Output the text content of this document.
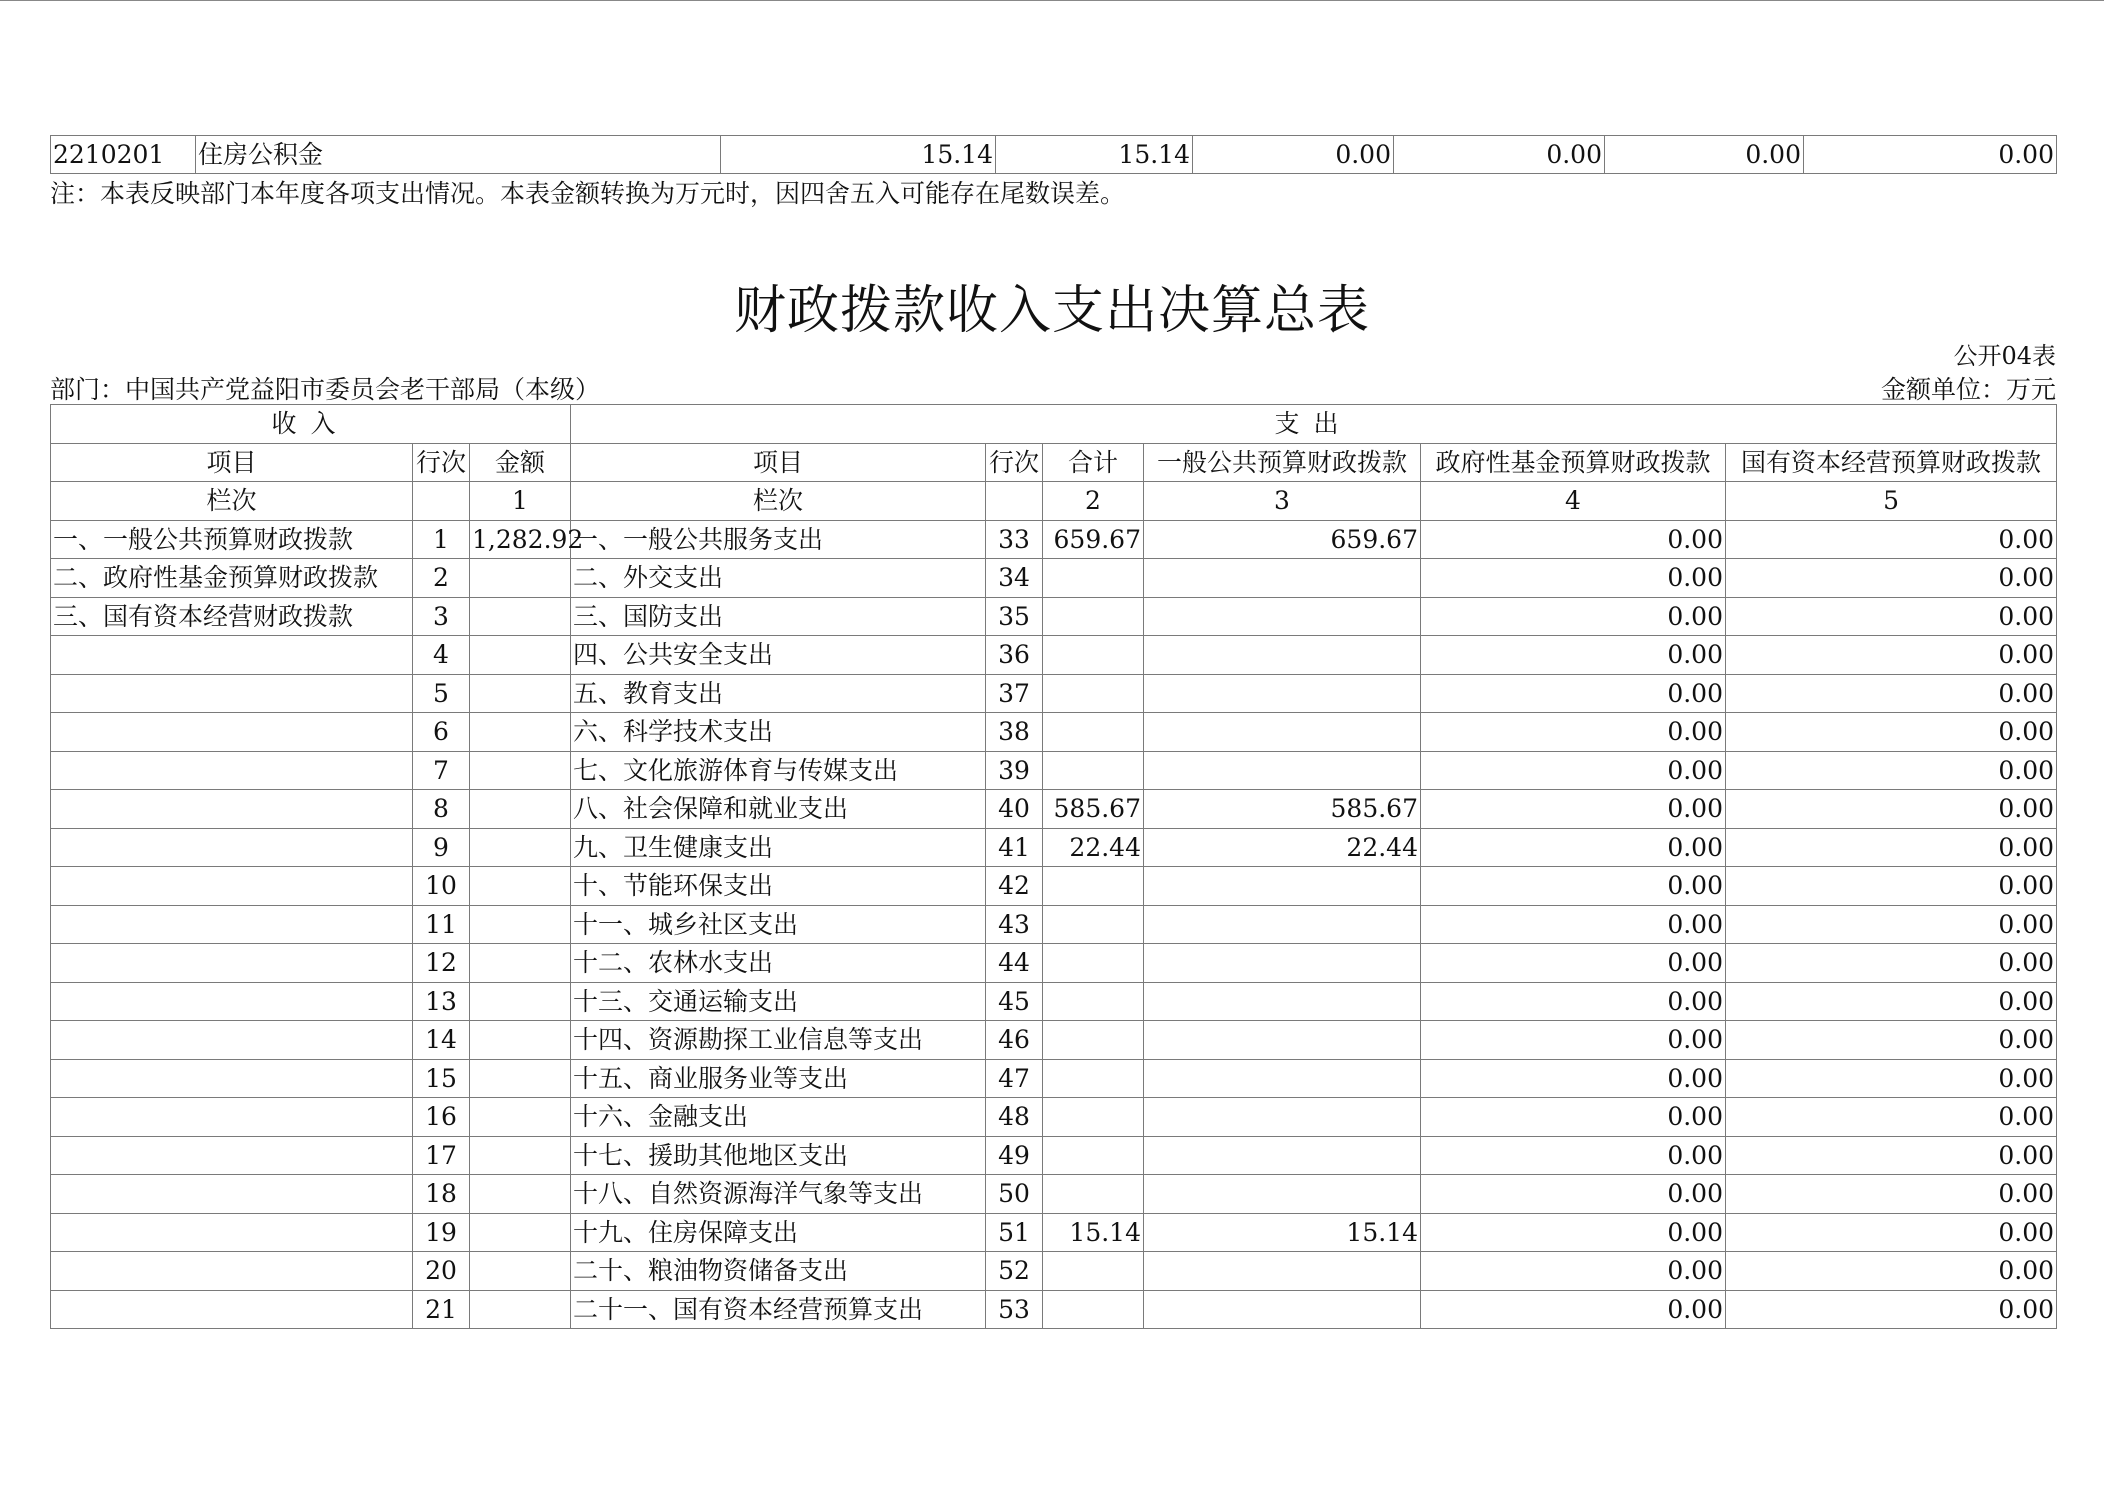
2210201	住房公积金	15.14	15.14	0.00	0.00	0.00	0.00
注：本表反映部门本年度各项支出情况。本表金额转换为万元时，因四舍五入可能存在尾数误差。
财政拨款收入支出决算总表
公开04表
部门：中国共产党益阳市委员会老干部局（本级）	金额单位：万元
收入			支出					
项目	行次	金额	项目	行次	合计	一般公共预算财政拨款	政府性基金预算财政拨款	国有资本经营预算财政拨款
栏次		1	栏次		2	3	4	5
一、一般公共预算财政拨款	1	1,282.92	一、一般公共服务支出	33	659.67	659.67	0.00	0.00
二、政府性基金预算财政拨款	2		二、外交支出	34			0.00	0.00
三、国有资本经营财政拨款	3		三、国防支出	35			0.00	0.00
	4		四、公共安全支出	36			0.00	0.00
	5		五、教育支出	37			0.00	0.00
	6		六、科学技术支出	38			0.00	0.00
	7		七、文化旅游体育与传媒支出	39			0.00	0.00
	8		八、社会保障和就业支出	40	585.67	585.67	0.00	0.00
	9		九、卫生健康支出	41	22.44	22.44	0.00	0.00
	10		十、节能环保支出	42			0.00	0.00
	11		十一、城乡社区支出	43			0.00	0.00
	12		十二、农林水支出	44			0.00	0.00
	13		十三、交通运输支出	45			0.00	0.00
	14		十四、资源勘探工业信息等支出	46			0.00	0.00
	15		十五、商业服务业等支出	47			0.00	0.00
	16		十六、金融支出	48			0.00	0.00
	17		十七、援助其他地区支出	49			0.00	0.00
	18		十八、自然资源海洋气象等支出	50			0.00	0.00
	19		十九、住房保障支出	51	15.14	15.14	0.00	0.00
	20		二十、粮油物资储备支出	52			0.00	0.00
	21		二十一、国有资本经营预算支出	53			0.00	0.00
